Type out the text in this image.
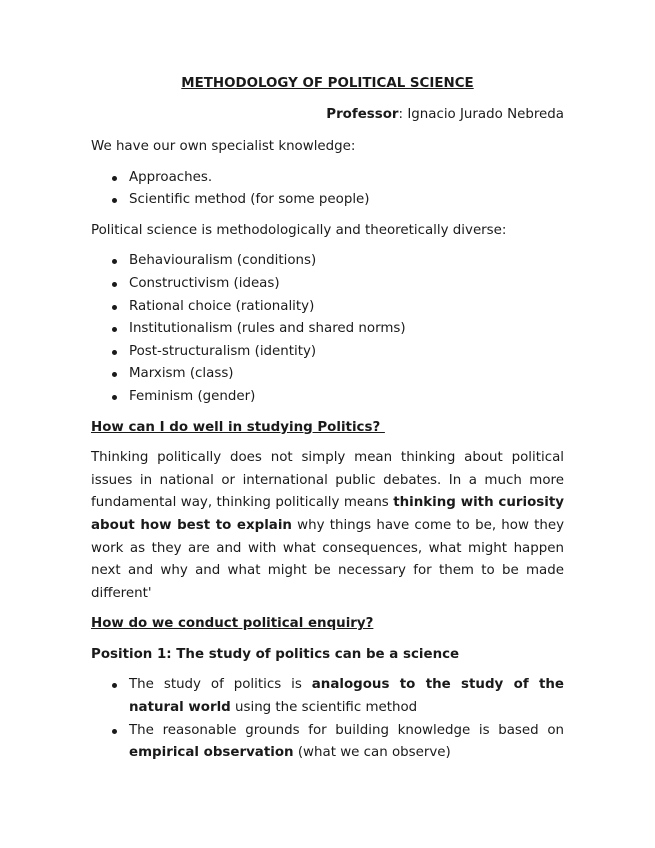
METHODOLOGY OF POLITICAL SCIENCE
Professor: Ignacio Jurado Nebreda

We have our own specialist knowledge:

Approaches.
Scientific method (for some people)

Political science is methodologically and theoretically diverse:

Behaviouralism (conditions)
Constructivism (ideas)
Rational choice (rationality)
Institutionalism (rules and shared norms)
Post-structuralism (identity)
Marxism (class)
Feminism (gender)

How can I do well in studying Politics?

Thinking politically does not simply mean thinking about political issues in national or international public debates. In a much more fundamental way, thinking politically means thinking with curiosity about how best to explain why things have come to be, how they work as they are and with what consequences, what might happen next and why and what might be necessary for them to be made different'

How do we conduct political enquiry?

Position 1: The study of politics can be a science

The study of politics is analogous to the study of the natural world using the scientific method
The reasonable grounds for building knowledge is based on empirical observation (what we can observe)
